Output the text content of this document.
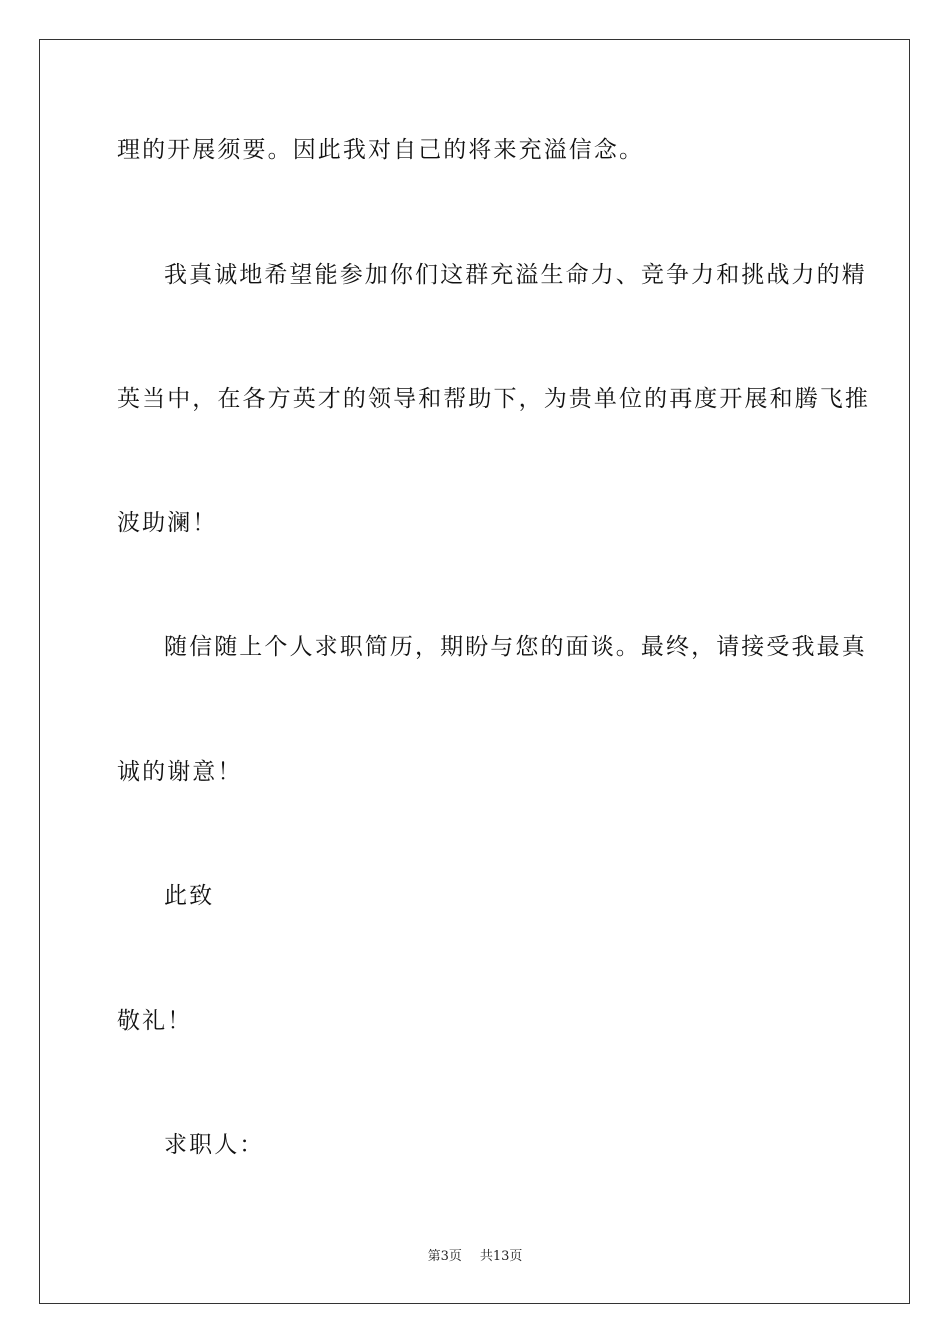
理的开展须要。因此我对自己的将来充溢信念。
我真诚地希望能参加你们这群充溢生命力、竞争力和挑战力的精
英当中，在各方英才的领导和帮助下，为贵单位的再度开展和腾飞推
波助澜！
随信随上个人求职简历，期盼与您的面谈。最终，请接受我最真
诚的谢意！
此致
敬礼！
求职人：
第3页 共13页
